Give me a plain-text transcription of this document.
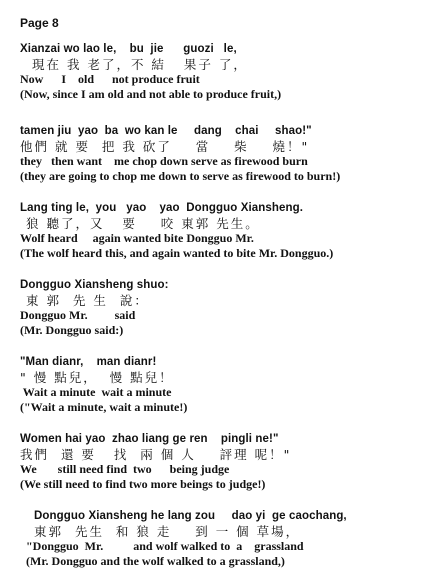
Page 8
Xianzai wo lao le,    bu  jie      guozi   le,
現在 我 老了，不 結   果子 了，
Now      I    old      not produce fruit
(Now, since I am old and not able to produce fruit,)
tamen jiu  yao  ba  wo kan le     dang    chai     shao!"
他們 就 要  把 我 砍了    當    柴    燒！"
they   then want    me chop down serve as firewood burn
(they are going to chop me down to serve as firewood to burn!)
Lang ting le,  you   yao    yao  Dongguo Xiansheng.
狼 聽了，又   要    咬 東郭 先生。
Wolf heard     again wanted bite Dongguo Mr.
(The wolf heard this, and again wanted to bite Mr. Dongguo.)
Dongguo Xiansheng shuo:
東 郭  先 生  說：
Dongguo Mr.         said
(Mr. Dongguo said:)
"Man dianr,    man dianr!
" 慢 點兒，  慢 點兒！
Wait a minute  wait a minute
("Wait a minute, wait a minute!)
Women hai yao  zhao liang ge ren    pingli ne!"
我們  還 要   找  兩 個 人    評理 呢！"
We       still need find  two      being judge
(We still need to find two more beings to judge!)
Dongguo Xiansheng he lang zou     dao yi  ge caochang,
東郭  先生  和 狼 走    到 一 個 草場，
"Dongguo  Mr.          and wolf walked to  a    grassland
(Mr. Dongguo and the wolf walked to a grassland,)
